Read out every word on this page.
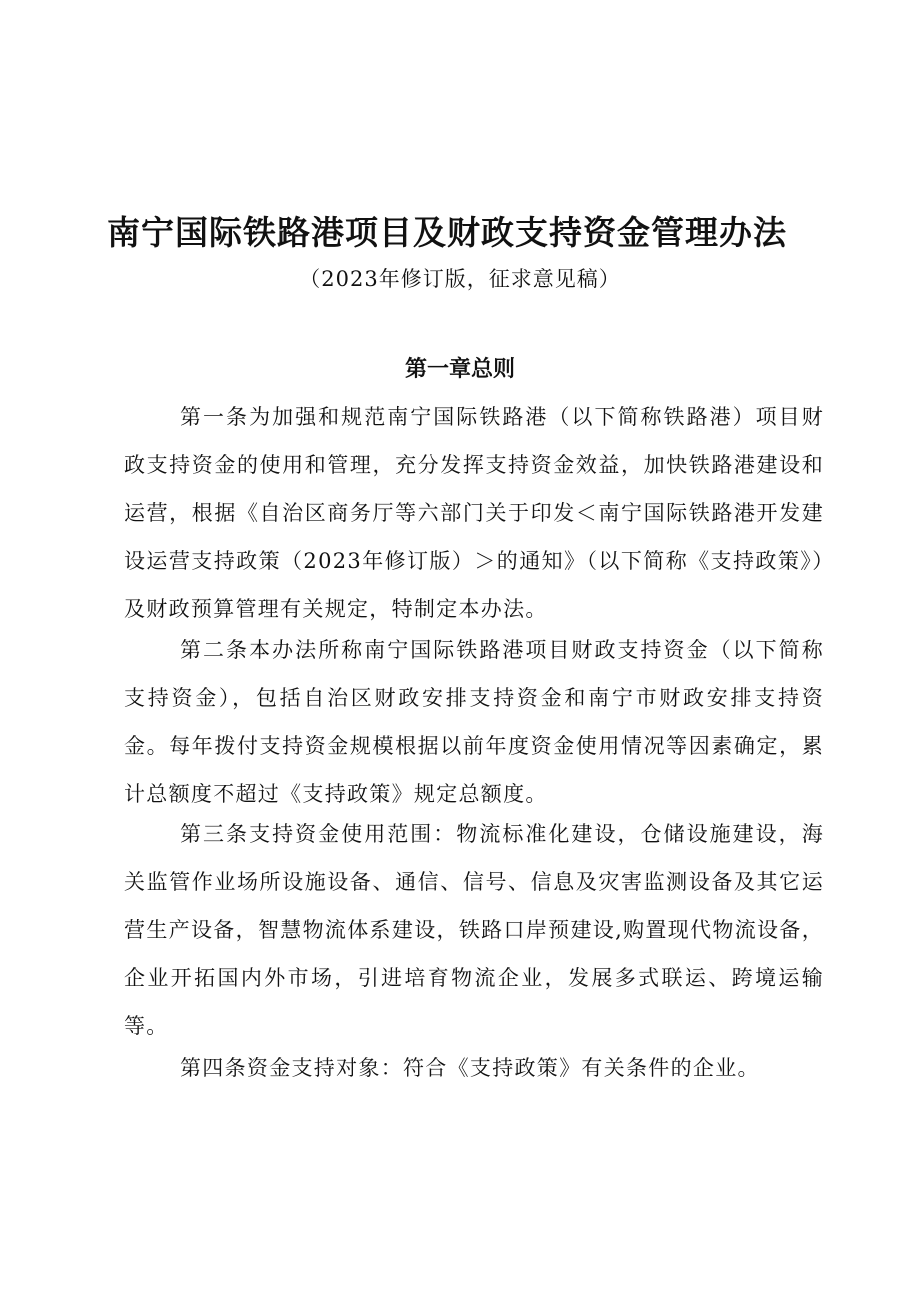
南宁国际铁路港项目及财政支持资金管理办法
（2023年修订版，征求意见稿）
第一章总则

第一条为加强和规范南宁国际铁路港（以下简称铁路港）项目财政支持资金的使用和管理，充分发挥支持资金效益，加快铁路港建设和运营，根据《自治区商务厅等六部门关于印发＜南宁国际铁路港开发建设运营支持政策（2023年修订版）＞的通知》（以下简称《支持政策》）及财政预算管理有关规定，特制定本办法。

第二条本办法所称南宁国际铁路港项目财政支持资金（以下简称支持资金），包括自治区财政安排支持资金和南宁市财政安排支持资金。每年拨付支持资金规模根据以前年度资金使用情况等因素确定，累计总额度不超过《支持政策》规定总额度。

第三条支持资金使用范围：物流标准化建设，仓储设施建设，海关监管作业场所设施设备、通信、信号、信息及灾害监测设备及其它运营生产设备，智慧物流体系建设，铁路口岸预建设,购置现代物流设备，企业开拓国内外市场，引进培育物流企业，发展多式联运、跨境运输等。

第四条资金支持对象：符合《支持政策》有关条件的企业。
